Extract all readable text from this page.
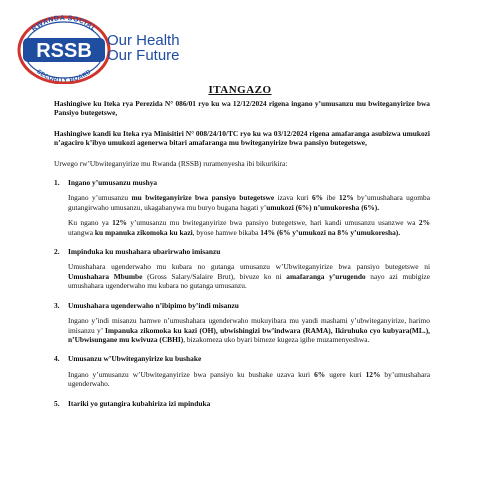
RWANDA SOCIAL
SECURITY BOARD
RSSB Our Health
Our Future
ITANGAZO

Hashingiwe ku Iteka rya Perezida N° 086/01 ryo ku wa 12/12/2024 rigena ingano y’umusanzu mu bwiteganyirize bwa Pansiyo butegetswe,

Hashingiwe kandi ku Iteka rya Minisitiri N° 008/24/10/TC ryo ku wa 03/12/2024 rigena amafaranga asubizwa umukozi n’agaciro k’ibyo umukozi agenerwa bitari amafaranga mu bwiteganyirize bwa pansiyo butegetswe,

Urwego rw’Ubwiteganyirize mu Rwanda (RSSB) ruramenyesha ibi bikurikira:

1. Ingano y’umusanzu mushya

Ingano y’umusanzu mu bwiteganyirize bwa pansiyo butegetswe izava kuri 6% ibe 12% by’umushahara ugomba gutangirwaho umusanzu, ukagabanywa mu buryo bugana hagati y’umukozi (6%) n’umukoresha (6%).

Ku ngano ya 12% y’umusanzu mu bwiteganyirize bwa pansiyo butegetswe, hari kandi umusanzu usanzwe wa 2% utangwa ku mpanuka zikomoka ku kazi, byose hamwe bikaba 14% (6% y’umukozi na 8% y’umukoresha).

2. Impinduka ku mushahara ubarirwaho imisanzu

Umushahara ugenderwaho mu kubara no gutanga umusanzu w’Ubwiteganyirize bwa pansiyo butegetswe ni Umushahara Mbumbe (Gross Salary/Salaire Brut), bivuze ko ni amafaranga y’urugendo nayo azi mubigize umushahara ugenderwaho mu kubara no gutanga umusanzu.

3. Umushahara ugenderwaho n’ibipimo by’indi misanzu

Ingano y’indi misanzu hamwe n’umushahara ugenderwaho mukuyibara mu yandi mashami y’ubwiteganyirize, harimo imisanzu y’ Impanuka zikomoka ku kazi (OH), ubwishingizi bw’indwara (RAMA), Ikiruhuko cyo kubyara(ML.), n’Ubwisungane mu kwivuza (CBHI), bizakomeza uko byari bimeze kugeza igihe muzamenyeshwa.

4. Umusanzu w’Ubwiteganyirize ku bushake

Ingano y’umusanzu w’Ubwiteganyirize bwa pansiyo ku bushake uzava kuri 6% ugere kuri 12% by’umushahara ugenderwaho.

5. Itariki yo gutangira kubahiriza izi mpinduka
